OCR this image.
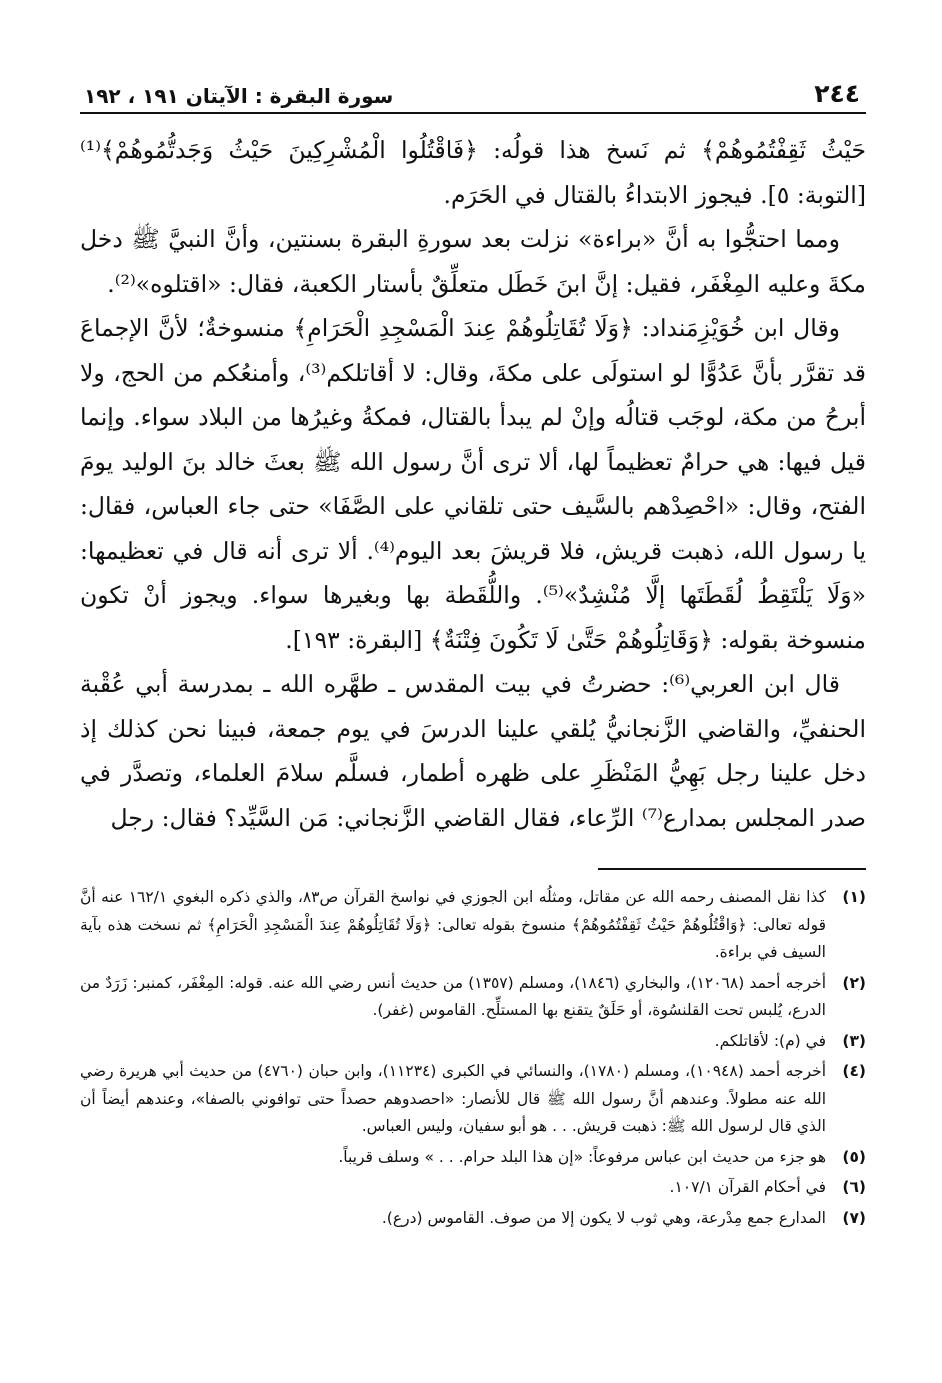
٢٤٤
سورة البقرة : الآيتان ١٩١ ، ١٩٢

حَيْثُ ثَقِفْتُمُوهُمْ﴾ ثم نَسخ هذا قولُه: ﴿فَاقْتُلُوا الْمُشْرِكِينَ حَيْثُ وَجَدتُّمُوهُمْ﴾⁽¹⁾ [التوبة: ٥]. فيجوز الابتداءُ بالقتال في الحَرَم.

ومما احتجُّوا به أنَّ «براءة» نزلت بعد سورةِ البقرة بسنتين، وأنَّ النبيَّ ﷺ دخل مكةَ وعليه المِغْفَر، فقيل: إنَّ ابنَ خَطَل متعلِّقٌ بأستار الكعبة، فقال: «اقتلوه»⁽²⁾.

وقال ابن خُوَيْزِمَنداد: ﴿وَلَا تُقَاتِلُوهُمْ عِندَ الْمَسْجِدِ الْحَرَامِ﴾ منسوخةٌ؛ لأنَّ الإجماعَ قد تقرَّر بأنَّ عَدُوًّا لو استولَى على مكةَ، وقال: لا أقاتلكم⁽³⁾، وأمنعُكم من الحج، ولا أبرحُ من مكة، لوجَب قتالُه وإنْ لم يبدأ بالقتال، فمكةُ وغيرُها من البلاد سواء. وإنما قيل فيها: هي حرامٌ تعظيماً لها، ألا ترى أنَّ رسول الله ﷺ بعثَ خالد بنَ الوليد يومَ الفتح، وقال: «احْصِدْهم بالسَّيف حتى تلقاني على الصَّفَا» حتى جاء العباس، فقال: يا رسول الله، ذهبت قريش، فلا قريشَ بعد اليوم⁽⁴⁾. ألا ترى أنه قال في تعظيمها: «وَلَا يَلْتَقِطُ لُقَطَتَها إلَّا مُنْشِدٌ»⁽⁵⁾. واللُّقَطة بها وبغيرها سواء. ويجوز أنْ تكون منسوخة بقوله: ﴿وَقَاتِلُوهُمْ حَتَّىٰ لَا تَكُونَ فِتْنَةٌ﴾ [البقرة: ١٩٣].

قال ابن العربي⁽⁶⁾: حضرتُ في بيت المقدس ـ طهَّره الله ـ بمدرسة أبي عُقْبة الحنفيِّ، والقاضي الزَّنجانيُّ يُلقي علينا الدرسَ في يوم جمعة، فبينا نحن كذلك إذ دخل علينا رجل بَهِيُّ المَنْظَرِ على ظهره أطمار، فسلَّم سلامَ العلماء، وتصدَّر في صدر المجلس بمدارع⁽⁷⁾ الرِّعاء، فقال القاضي الزَّنجاني: مَن السَّيِّد؟ فقال: رجل

(١)
كذا نقل المصنف رحمه الله عن مقاتل، ومثلُه ابن الجوزي في نواسخ القرآن ص٨٣، والذي ذكره البغوي ١٦٢/١ عنه أنَّ قوله تعالى: ﴿وَاقْتُلُوهُمْ حَيْثُ ثَقِفْتُمُوهُمْ﴾ منسوخ بقوله تعالى: ﴿وَلَا تُقَاتِلُوهُمْ عِندَ الْمَسْجِدِ الْحَرَامِ﴾ ثم نسخت هذه بآية السيف في براءة.
(٢)
أخرجه أحمد (١٢٠٦٨)، والبخاري (١٨٤٦)، ومسلم (١٣٥٧) من حديث أنس رضي الله عنه. قوله: المِغْفَر، كمنبر: زَرَدٌ من الدرع، يُلبس تحت القلنسُوة، أو حَلَقٌ يتقنع بها المستلِّح. القاموس (غفر).
(٣)
في (م): لأقاتلكم.
(٤)
أخرجه أحمد (١٠٩٤٨)، ومسلم (١٧٨٠)، والنسائي في الكبرى (١١٢٣٤)، وابن حبان (٤٧٦٠) من حديث أبي هريرة رضي الله عنه مطولاً. وعندهم أنَّ رسول الله ﷺ قال للأنصار: «احصدوهم حصداً حتى توافوني بالصفا»، وعندهم أيضاً أن الذي قال لرسول الله ﷺ: ذهبت قريش. . . هو أبو سفيان، وليس العباس.
(٥)
هو جزء من حديث ابن عباس مرفوعاً: «إن هذا البلد حرام. . . » وسلف قريباً.
(٦)
في أحكام القرآن ١٠٧/١.
(٧)
المدارع جمع مِدْرعة، وهي ثوب لا يكون إلا من صوف. القاموس (درع).
